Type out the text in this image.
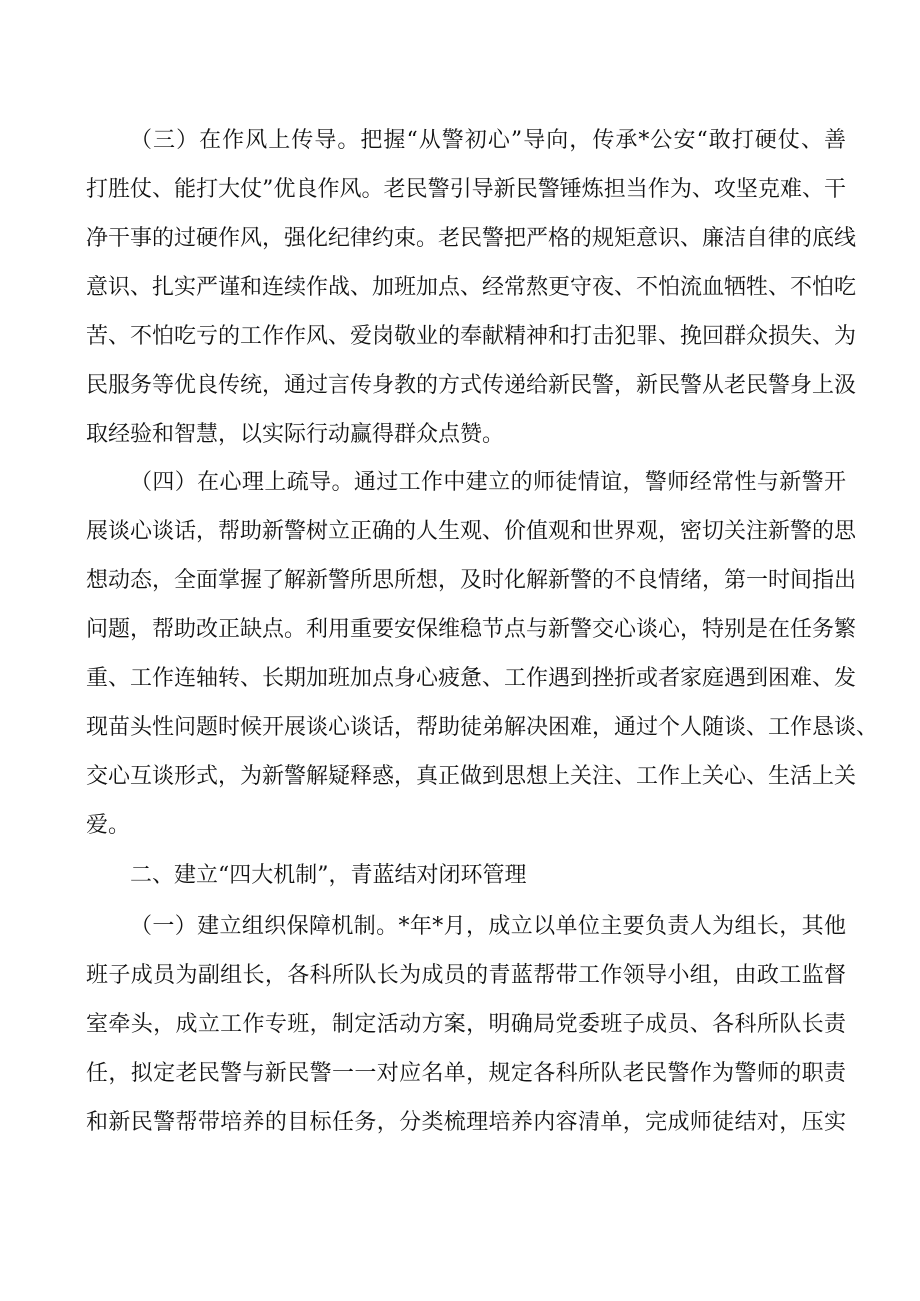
（三）在作风上传导。把握“从警初心”导向，传承*公安“敢打硬仗、善
打胜仗、能打大仗”优良作风。老民警引导新民警锤炼担当作为、攻坚克难、干
净干事的过硬作风，强化纪律约束。老民警把严格的规矩意识、廉洁自律的底线
意识、扎实严谨和连续作战、加班加点、经常熬更守夜、不怕流血牺牲、不怕吃
苦、不怕吃亏的工作作风、爱岗敬业的奉献精神和打击犯罪、挽回群众损失、为
民服务等优良传统，通过言传身教的方式传递给新民警，新民警从老民警身上汲
取经验和智慧，以实际行动赢得群众点赞。
（四）在心理上疏导。通过工作中建立的师徒情谊，警师经常性与新警开
展谈心谈话，帮助新警树立正确的人生观、价值观和世界观，密切关注新警的思
想动态，全面掌握了解新警所思所想，及时化解新警的不良情绪，第一时间指出
问题，帮助改正缺点。利用重要安保维稳节点与新警交心谈心，特别是在任务繁
重、工作连轴转、长期加班加点身心疲惫、工作遇到挫折或者家庭遇到困难、发
现苗头性问题时候开展谈心谈话，帮助徒弟解决困难，通过个人随谈、工作恳谈、
交心互谈形式，为新警解疑释惑，真正做到思想上关注、工作上关心、生活上关
爱。
二、建立“四大机制”，青蓝结对闭环管理
（一）建立组织保障机制。*年*月，成立以单位主要负责人为组长，其他
班子成员为副组长，各科所队长为成员的青蓝帮带工作领导小组，由政工监督
室牵头，成立工作专班，制定活动方案，明确局党委班子成员、各科所队长责
任，拟定老民警与新民警一一对应名单，规定各科所队老民警作为警师的职责
和新民警帮带培养的目标任务，分类梳理培养内容清单，完成师徒结对，压实
